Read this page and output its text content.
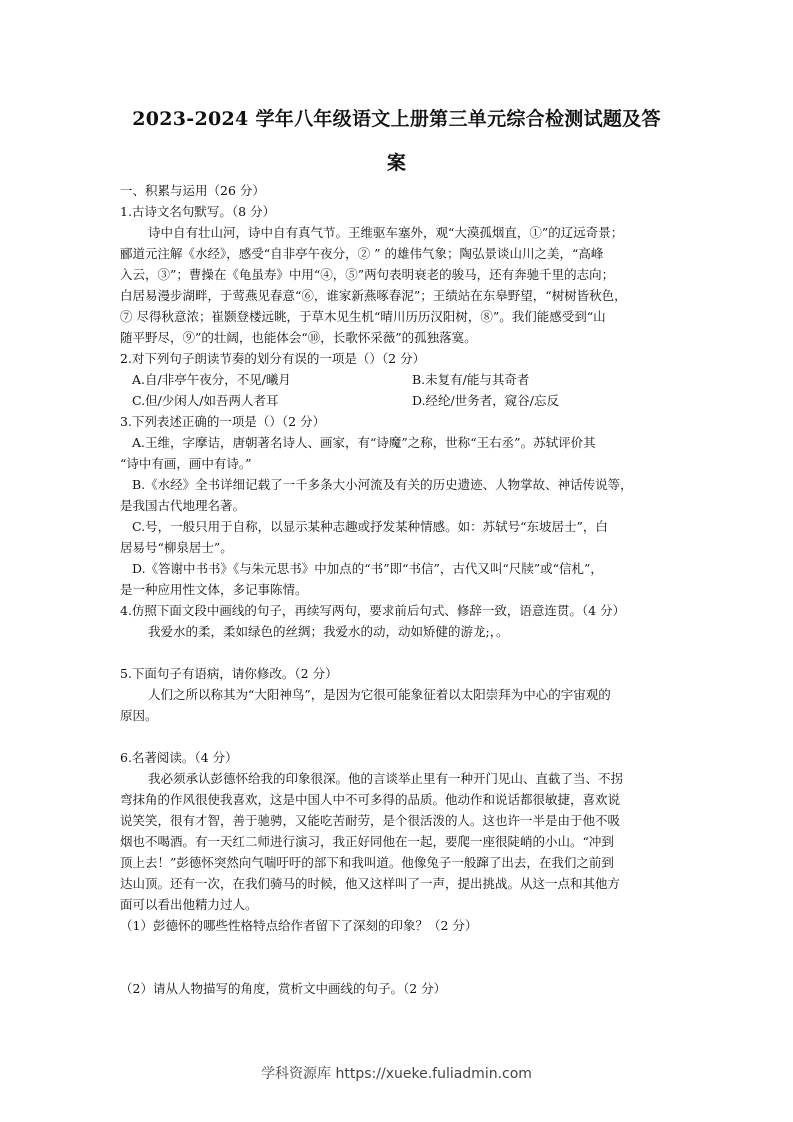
2023-2024 学年八年级语文上册第三单元综合检测试题及答
案
一、积累与运用（26 分）
1.古诗文名句默写。（8 分）
诗中自有壮山河，诗中自有真气节。王维驱车塞外，观“大漠孤烟直，①”的辽远奇景；
郦道元注解《水经》，感受“自非亭午夜分，② ” 的雄伟气象；陶弘景谈山川之美，“高峰
入云，③”；曹操在《龟虽寿》中用“④，⑤”两句表明衰老的骏马，还有奔驰千里的志向；
白居易漫步湖畔，于莺燕见春意“⑥，谁家新燕啄春泥”；王绩站在东皋野望，“树树皆秋色，
⑦ 尽得秋意浓；崔颢登楼远眺，于草木见生机“晴川历历汉阳树，⑧”。我们能感受到“山
随平野尽，⑨”的壮阔，也能体会“⑩，长歌怀采薇”的孤独落寞。
2.对下列句子朗读节奏的划分有误的一项是（）（2 分）
A.自/非亭午夜分，不见/曦月	B.未复有/能与其奇者
C.但/少闲人/如吾两人者耳	D.经纶/世务者，窥谷/忘反
3.下列表述正确的一项是（）（2 分）
A.王维，字摩诘，唐朝著名诗人、画家，有“诗魔”之称，世称“王右丞”。苏轼评价其
“诗中有画，画中有诗。”
B.《水经》全书详细记载了一千多条大小河流及有关的历史遗迹、人物掌故、神话传说等，
是我国古代地理名著。
C.号，一般只用于自称，以显示某种志趣或抒发某种情感。如：苏轼号“东坡居士”，白
居易号“柳泉居士”。
D.《答谢中书书》《与朱元思书》中加点的“书”即“书信”，古代又叫“尺牍”或“信札”，
是一种应用性文体，多记事陈情。
4.仿照下面文段中画线的句子，再续写两句，要求前后句式、修辞一致，语意连贯。（4 分）
我爱水的柔，柔如绿色的丝绸；我爱水的动，动如矫健的游龙;，。
5.下面句子有语病，请你修改。（2 分）
人们之所以称其为“大阳神鸟”，是因为它很可能象征着以太阳崇拜为中心的宇宙观的
原因。
6.名著阅读。（4 分）
我必须承认彭德怀给我的印象很深。他的言谈举止里有一种开门见山、直截了当、不拐
弯抹角的作风很使我喜欢，这是中国人中不可多得的品质。他动作和说话都很敏捷，喜欢说
说笑笑，很有才智，善于驰骋，又能吃苦耐劳，是个很活泼的人。这也许一半是由于他不吸
烟也不喝酒。有一天红二师进行演习，我正好同他在一起，要爬一座很陡峭的小山。“冲到
顶上去！”彭德怀突然向气喘吁吁的部下和我叫道。他像兔子一般蹿了出去，在我们之前到
达山顶。还有一次，在我们骑马的时候，他又这样叫了一声，提出挑战。从这一点和其他方
面可以看出他精力过人。
（1）彭德怀的哪些性格特点给作者留下了深刻的印象？（2 分）
（2）请从人物描写的角度，赏析文中画线的句子。（2 分）
学科资源库 https://xueke.fuliadmin.com
